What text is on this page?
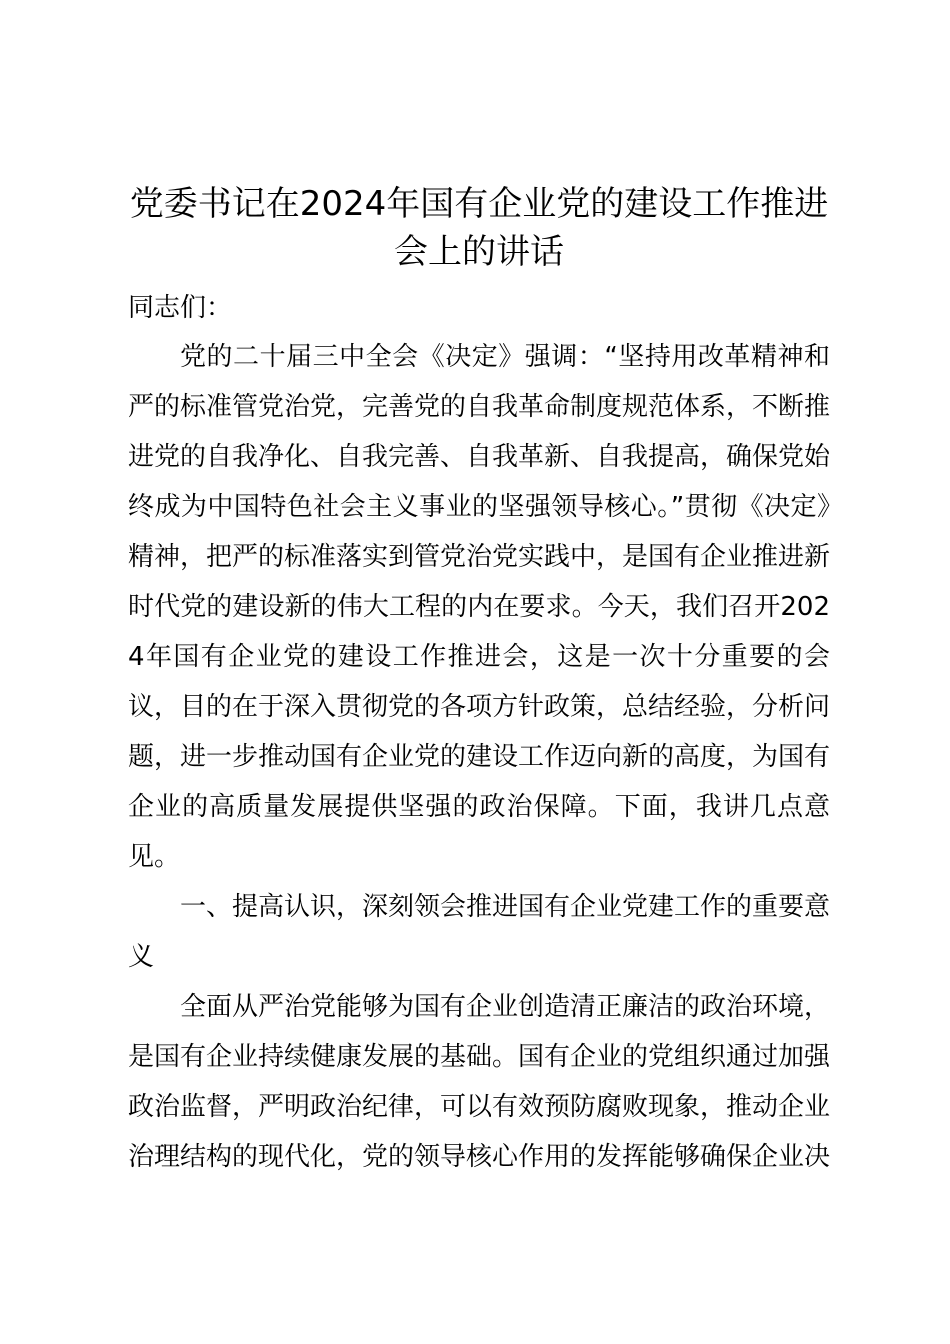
党委书记在2024年国有企业党的建设工作推进会上的讲话

同志们：

党的二十届三中全会《决定》强调：“坚持用改革精神和严的标准管党治党，完善党的自我革命制度规范体系，不断推进党的自我净化、自我完善、自我革新、自我提高，确保党始终成为中国特色社会主义事业的坚强领导核心。”贯彻《决定》精神，把严的标准落实到管党治党实践中，是国有企业推进新时代党的建设新的伟大工程的内在要求。今天，我们召开2024年国有企业党的建设工作推进会，这是一次十分重要的会议，目的在于深入贯彻党的各项方针政策，总结经验，分析问题，进一步推动国有企业党的建设工作迈向新的高度，为国有企业的高质量发展提供坚强的政治保障。下面，我讲几点意见。

一、提高认识，深刻领会推进国有企业党建工作的重要意义

全面从严治党能够为国有企业创造清正廉洁的政治环境，是国有企业持续健康发展的基础。国有企业的党组织通过加强政治监督，严明政治纪律，可以有效预防腐败现象，推动企业治理结构的现代化，党的领导核心作用的发挥能够确保企业决
